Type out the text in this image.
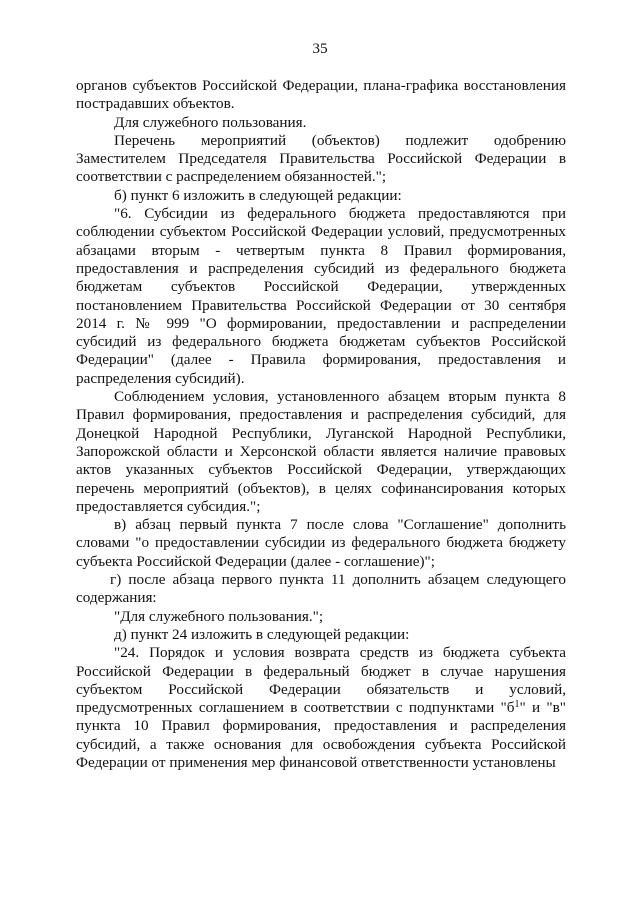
35

органов субъектов Российской Федерации, плана-графика восстановления пострадавших объектов.

Для служебного пользования.

Перечень мероприятий (объектов) подлежит одобрению Заместителем Председателя Правительства Российской Федерации в соответствии с распределением обязанностей.";

б) пункт 6 изложить в следующей редакции:

"6. Субсидии из федерального бюджета предоставляются при соблюдении субъектом Российской Федерации условий, предусмотренных абзацами вторым - четвертым пункта 8 Правил формирования, предоставления и распределения субсидий из федерального бюджета бюджетам субъектов Российской Федерации, утвержденных постановлением Правительства Российской Федерации от 30 сентября 2014 г. № 999 "О формировании, предоставлении и распределении субсидий из федерального бюджета бюджетам субъектов Российской Федерации" (далее - Правила формирования, предоставления и распределения субсидий).

Соблюдением условия, установленного абзацем вторым пункта 8 Правил формирования, предоставления и распределения субсидий, для Донецкой Народной Республики, Луганской Народной Республики, Запорожской области и Херсонской области является наличие правовых актов указанных субъектов Российской Федерации, утверждающих перечень мероприятий (объектов), в целях софинансирования которых предоставляется субсидия.";

в) абзац первый пункта 7 после слова "Соглашение" дополнить словами "о предоставлении субсидии из федерального бюджета бюджету субъекта Российской Федерации (далее - соглашение)";

г) после абзаца первого пункта 11 дополнить абзацем следующего содержания:

"Для служебного пользования.";

д) пункт 24 изложить в следующей редакции:

"24. Порядок и условия возврата средств из бюджета субъекта Российской Федерации в федеральный бюджет в случае нарушения субъектом Российской Федерации обязательств и условий, предусмотренных соглашением в соответствии с подпунктами "$б^1$" и "в" пункта 10 Правил формирования, предоставления и распределения субсидий, а также основания для освобождения субъекта Российской Федерации от применения мер финансовой ответственности установлены
